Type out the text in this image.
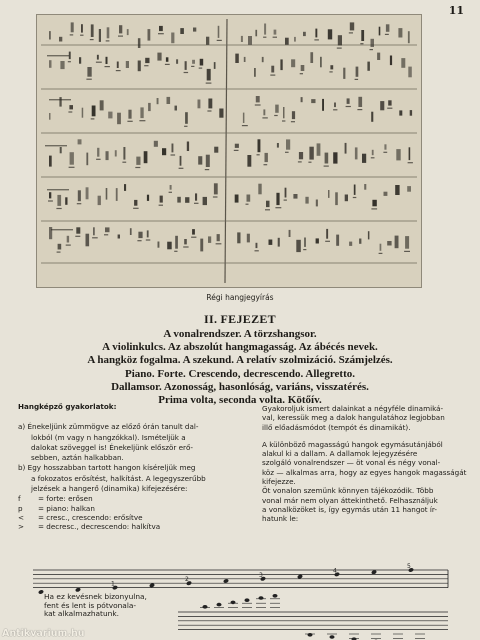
11
Régi hangjegyírás
II. FEJEZET
A vonalrendszer. A törzshangsor.
A violinkulcs. Az abszolút hangmagasság. Az ábécés nevek.
A hangköz fogalma. A szekund. A relatív szolmizáció. Számjelzés.
Piano. Forte. Crescendo, decrescendo. Allegretto.
Dallamsor. Azonosság, hasonlóság, variáns, visszatérés.
Prima volta, seconda volta. Kötőív.
Hangképző gyakorlatok:

a) Énekeljünk zümmögve az előző órán tanult dal-

lokból (m vagy n hangzókkal). Ismételjük a

dalokat szöveggel is! Énekeljünk először erő-

sebben, aztán halkabban.

b) Egy hosszabban tartott hangon kíséreljük meg

a fokozatos erősítést, halkítást. A legegyszerűbb

jelzések a hangerő (dinamika) kifejezésére:

f	= forte: erősen
p	= piano: halkan
<	= cresc., crescendo: erősítve
>	= decresc., decrescendo: halkítva

Gyakoroljuk ismert dalainkat a négyféle dinamiká-

val, keressük meg a dalok hangulatához legjobban

illő előadásmódot (tempót és dinamikát).

A különböző magasságú hangok egymásutánjából

alakul ki a dallam. A dallamok lejegyzésére

szolgáló vonalrendszer — öt vonal és négy vonal-

köz — alkalmas arra, hogy az egyes hangok magasságát

kifejezze.

Öt vonalon szemünk könnyen tájékozódik. Több

vonal már nem olyan áttekinthető. Felhasználjuk

a vonalközöket is, így egymás után 11 hangot ír-

hatunk le:

1
2
3
4
5
Ha ez kevésnek bizonyulna,
fent és lent is pótvonala-
kat alkalmazhatunk.
Antikvarium.hu
